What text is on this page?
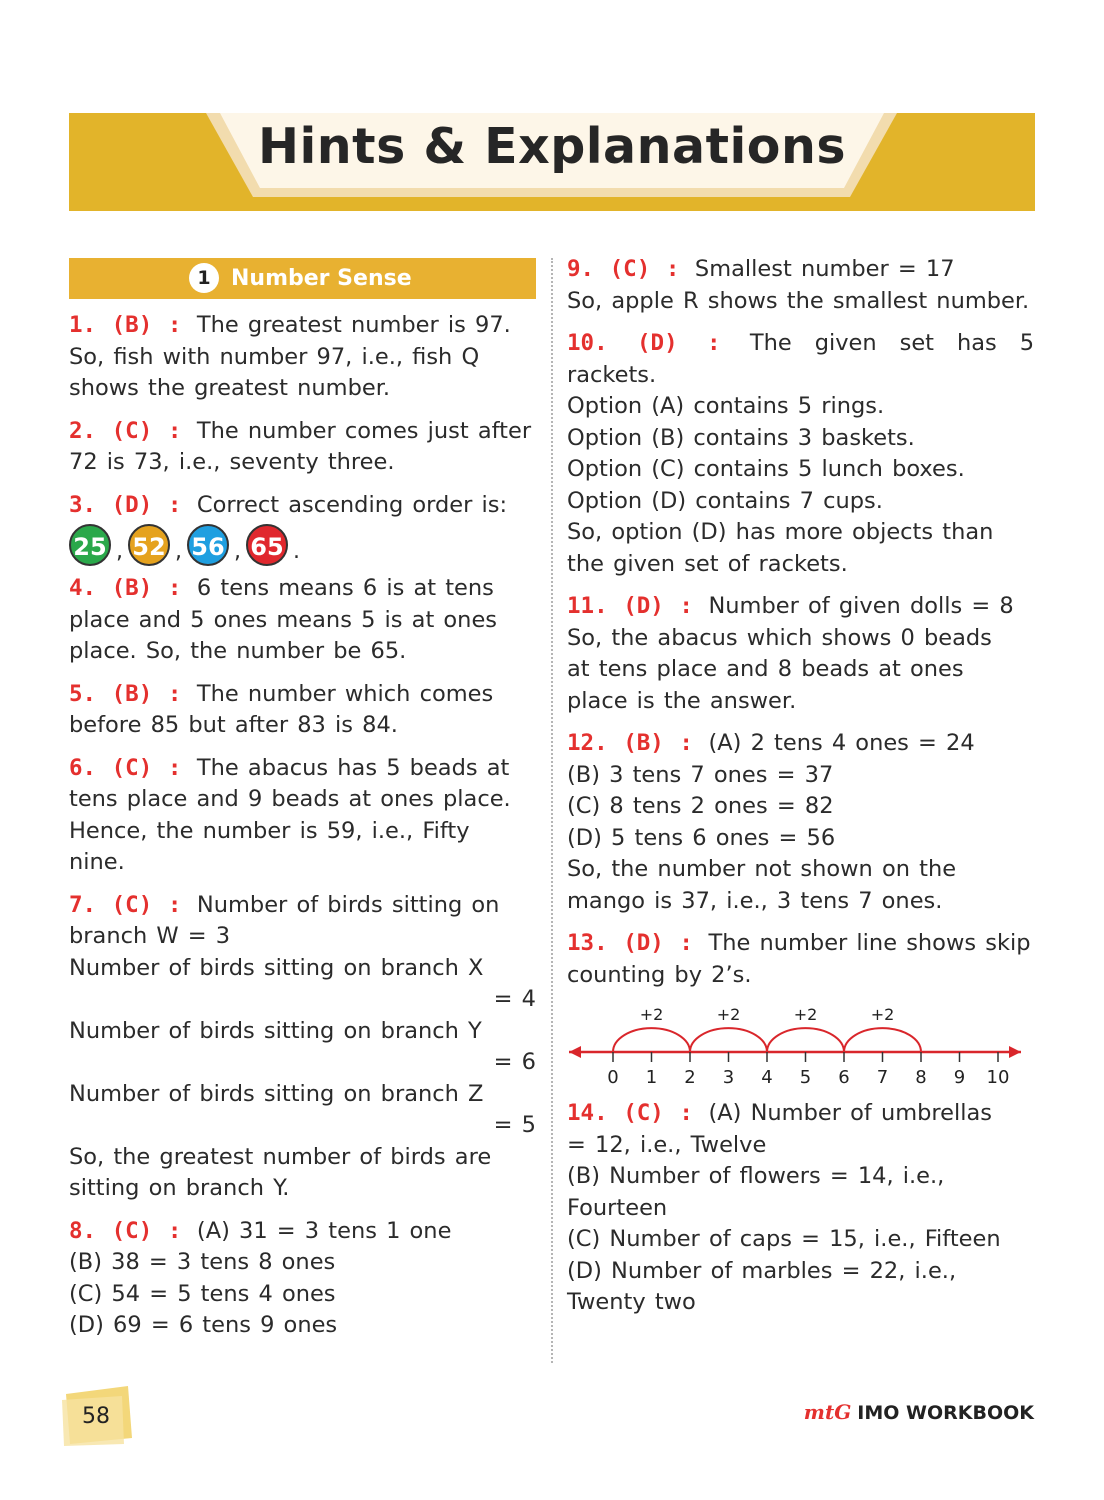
Hints & Explanations
1 Number Sense
1. (B) : The greatest number is 97.
So, fish with number 97, i.e., fish Q
shows the greatest number.
2. (C) : The number comes just after
72 is 73, i.e., seventy three.
3. (D) : Correct ascending order is:
25 , 52 , 56 , 65 .
4. (B) : 6 tens means 6 is at tens
place and 5 ones means 5 is at ones
place. So, the number be 65.
5. (B) : The number which comes
before 85 but after 83 is 84.
6. (C) : The abacus has 5 beads at
tens place and 9 beads at ones place.
Hence, the number is 59, i.e., Fifty
nine.
7. (C) : Number of birds sitting on
branch W = 3
Number of birds sitting on branch X
= 4
Number of birds sitting on branch Y
= 6
Number of birds sitting on branch Z
= 5
So, the greatest number of birds are
sitting on branch Y.
8. (C) : (A) 31 = 3 tens 1 one
(B) 38 = 3 tens 8 ones
(C) 54 = 5 tens 4 ones
(D) 69 = 6 tens 9 ones
9. (C) : Smallest number = 17
So, apple R shows the smallest number.
10. (D) : The given set has 5 rackets.
Option (A) contains 5 rings.
Option (B) contains 3 baskets.
Option (C) contains 5 lunch boxes.
Option (D) contains 7 cups.
So, option (D) has more objects than
the given set of rackets.
11. (D) : Number of given dolls = 8
So, the abacus which shows 0 beads
at tens place and 8 beads at ones
place is the answer.
12. (B) : (A) 2 tens 4 ones = 24
(B) 3 tens 7 ones = 37
(C) 8 tens 2 ones = 82
(D) 5 tens 6 ones = 56
So, the number not shown on the
mango is 37, i.e., 3 tens 7 ones.
13. (D) : The number line shows skip
counting by 2’s.
0 1 2 3 4 5 6 7 8 9 10
+2	+2	+2	+2
14. (C) : (A) Number of umbrellas
= 12, i.e., Twelve
(B) Number of flowers = 14, i.e.,
Fourteen
(C) Number of caps = 15, i.e., Fifteen
(D) Number of marbles = 22, i.e.,
Twenty two
58	mtG IMO WORKBOOK
